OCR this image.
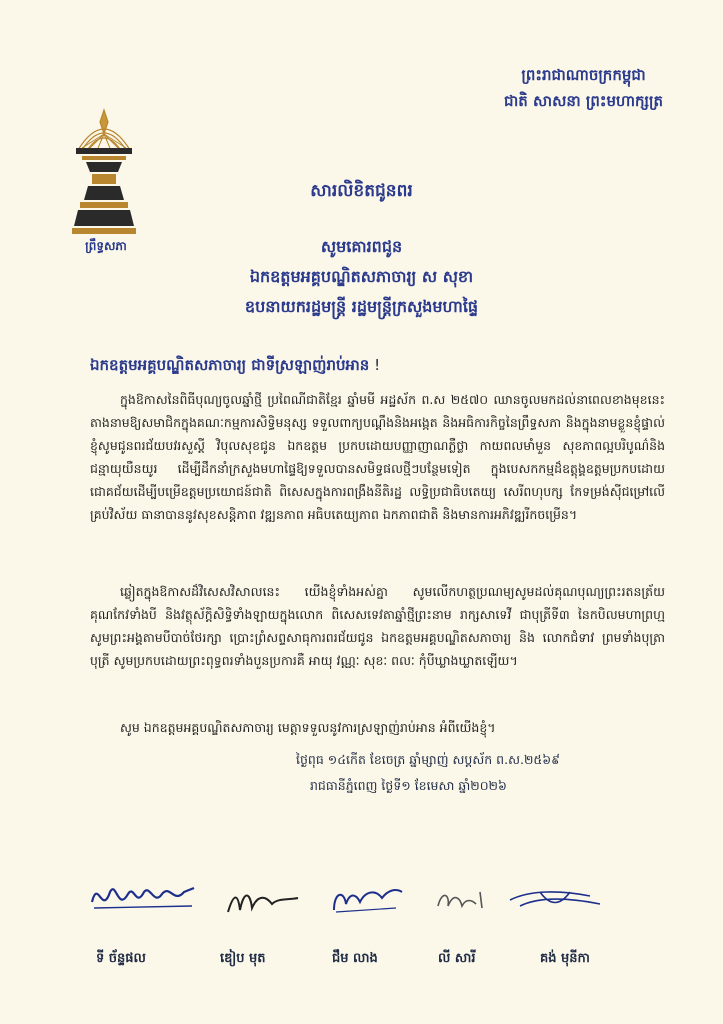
ព្រះរាជាណាចក្រកម្ពុជា
ជាតិ សាសនា ព្រះមហាក្សត្រ
ព្រឹទ្ធសភា
សារលិខិតជូនពរ
សូមគោរពជូន
ឯកឧត្តមអគ្គបណ្ឌិតសភាចារ្យ ស សុខា
ឧបនាយករដ្ឋមន្ត្រី រដ្ឋមន្ត្រីក្រសួងមហាផ្ទៃ
ឯកឧត្តមអគ្គបណ្ឌិតសភាចារ្យ ជាទីស្រឡាញ់រាប់អាន !
ក្នុងឱកាសនៃពិធីបុណ្យចូលឆ្នាំថ្មី ប្រពៃណីជាតិខ្មែរ ឆ្នាំមមី អដ្ឋស័ក ព.ស ២៥៧០ ឈានចូលមកដល់នាពេលខាងមុខនេះ តាងនាមឱ្យសមាជិកក្នុងគណៈកម្មការសិទ្ធិមនុស្ស ទទួលពាក្យបណ្ដឹងនិងអង្កេត និងអធិការកិច្ចនៃព្រឹទ្ធសភា និងក្នុងនាមខ្លួនខ្ញុំផ្ទាល់ ខ្ញុំសូមជូនពរជ័យបវរសួស្តី វិបុលសុខជូន ឯកឧត្តម ប្រកបដោយបញ្ញាញាណភ្លឺថ្លា កាយពលមាំមួន សុខភាពល្អបរិបូណ៌និងជន្មាយុយឺនយូរ ដើម្បីដឹកនាំក្រសួងមហាផ្ទៃឱ្យទទួលបានសមិទ្ធផលថ្មីៗបន្ថែមទៀត ក្នុងបេសកកម្មដ៏ឧត្តុង្គឧត្តមប្រកបដោយជោគជ័យដើម្បីបម្រើឧត្តមប្រយោជន៍ជាតិ ពិសេសក្នុងការពង្រឹងនីតិរដ្ឋ លទ្ធិប្រជាធិបតេយ្យ សេរីពហុបក្ស កែទម្រង់ស៊ីជម្រៅលើគ្រប់វិស័យ ធានាបាននូវសុខសន្តិភាព វឌ្ឍនភាព អធិបតេយ្យភាព ឯកភាពជាតិ និងមានការអភិវឌ្ឍរីកចម្រើន។
ឆ្លៀតក្នុងឱកាសដ៏វិសេសវិសាលនេះ យើងខ្ញុំទាំងអស់គ្នា សូមលើកហត្ថប្រណម្យសូមដល់គុណបុណ្យព្រះរតនត្រ័យ គុណកែវទាំងបី និងវត្ថុស័ក្តិសិទ្ធិទាំងឡាយក្នុងលោក ពិសេសទេវតាឆ្នាំថ្មីព្រះនាម រាក្សសាទេវី ជាបុត្រីទី៣ នៃកបិលមហាព្រហ្ម សូមព្រះអង្គតាមបីបាច់ថែរក្សា ប្រោះព្រំសព្ទសាធុការពរជ័យជូន ឯកឧត្តមអគ្គបណ្ឌិតសភាចារ្យ និង លោកជំទាវ ព្រមទាំងបុត្រា បុត្រី សូមប្រកបដោយព្រះពុទ្ធពរទាំងបួនប្រការគឺ អាយុ វណ្ណៈ សុខៈ ពលៈ កុំបីឃ្លាងឃ្លាតឡើយ។
សូម ឯកឧត្តមអគ្គបណ្ឌិតសភាចារ្យ មេត្តាទទួលនូវការស្រឡាញ់រាប់អាន អំពីយើងខ្ញុំ។
ថ្ងៃពុធ ១៤កើត ខែចេត្រ ឆ្នាំម្សាញ់ សប្ដស័ក ព.ស.២៥៦៩
រាជធានីភ្នំពេញ ថ្ងៃទី១ ខែមេសា ឆ្នាំ២០២៦
ទី ច័ន្ទផល	ឌៀប មុត	ជឹម លាង	លី សារី	គង់ មុនីកា
